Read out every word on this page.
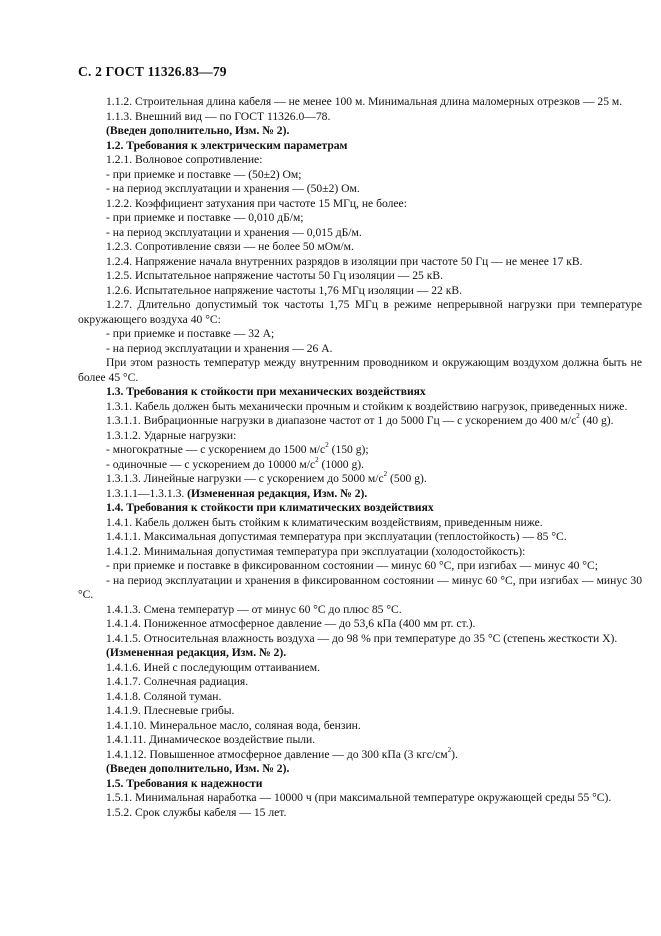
С. 2 ГОСТ 11326.83—79

1.1.2. Строительная длина кабеля — не менее 100 м. Минимальная длина маломерных отрезков — 25 м.

1.1.3. Внешний вид — по ГОСТ 11326.0—78.

(Введен дополнительно, Изм. № 2).

1.2. Требования к электрическим параметрам

1.2.1. Волновое сопротивление:

- при приемке и поставке — (50±2) Ом;

- на период эксплуатации и хранения — (50±2) Ом.

1.2.2. Коэффициент затухания при частоте 15 МГц, не более:

- при приемке и поставке — 0,010 дБ/м;

- на период эксплуатации и хранения — 0,015 дБ/м.

1.2.3. Сопротивление связи — не более 50 мОм/м.

1.2.4. Напряжение начала внутренних разрядов в изоляции при частоте 50 Гц — не менее 17 кВ.

1.2.5. Испытательное напряжение частоты 50 Гц изоляции — 25 кВ.

1.2.6. Испытательное напряжение частоты 1,76 МГц изоляции — 22 кВ.

1.2.7. Длительно допустимый ток частоты 1,75 МГц в режиме непрерывной нагрузки при температуре окружающего воздуха 40 °С:

- при приемке и поставке — 32 А;

- на период эксплуатации и хранения — 26 А.

При этом разность температур между внутренним проводником и окружающим воздухом должна быть не более 45 °С.

1.3. Требования к стойкости при механических воздействиях

1.3.1. Кабель должен быть механически прочным и стойким к воздействию нагрузок, приведенных ниже.

1.3.1.1. Вибрационные нагрузки в диапазоне частот от 1 до 5000 Гц — с ускорением до 400 $м/с^2$ (40 g).

1.3.1.2. Ударные нагрузки:

- многократные — с ускорением до 1500 $м/с^2$ (150 g);

- одиночные — с ускорением до 10000 $м/с^2$ (1000 g).

1.3.1.3. Линейные нагрузки — с ускорением до 5000 $м/с^2$ (500 g).

1.3.1.1—1.3.1.3. (Измененная редакция, Изм. № 2).

1.4. Требования к стойкости при климатических воздействиях

1.4.1. Кабель должен быть стойким к климатическим воздействиям, приведенным ниже.

1.4.1.1. Максимальная допустимая температура при эксплуатации (теплостойкость) — 85 °С.

1.4.1.2. Минимальная допустимая температура при эксплуатации (холодостойкость):

- при приемке и поставке в фиксированном состоянии — минус 60 °С, при изгибах — минус 40 °С;

- на период эксплуатации и хранения в фиксированном состоянии — минус 60 °С, при изгибах — минус 30 °С.

1.4.1.3. Смена температур — от минус 60 °С до плюс 85 °С.

1.4.1.4. Пониженное атмосферное давление — до 53,6 кПа (400 мм рт. ст.).

1.4.1.5. Относительная влажность воздуха — до 98 % при температуре до 35 °С (степень жесткости X).

(Измененная редакция, Изм. № 2).

1.4.1.6. Иней с последующим оттаиванием.

1.4.1.7. Солнечная радиация.

1.4.1.8. Соляной туман.

1.4.1.9. Плесневые грибы.

1.4.1.10. Минеральное масло, соляная вода, бензин.

1.4.1.11. Динамическое воздействие пыли.

1.4.1.12. Повышенное атмосферное давление — до 300 кПа (3 кгс/$см^2$).

(Введен дополнительно, Изм. № 2).

1.5. Требования к надежности

1.5.1. Минимальная наработка — 10000 ч (при максимальной температуре окружающей среды 55 °С).

1.5.2. Срок службы кабеля — 15 лет.
